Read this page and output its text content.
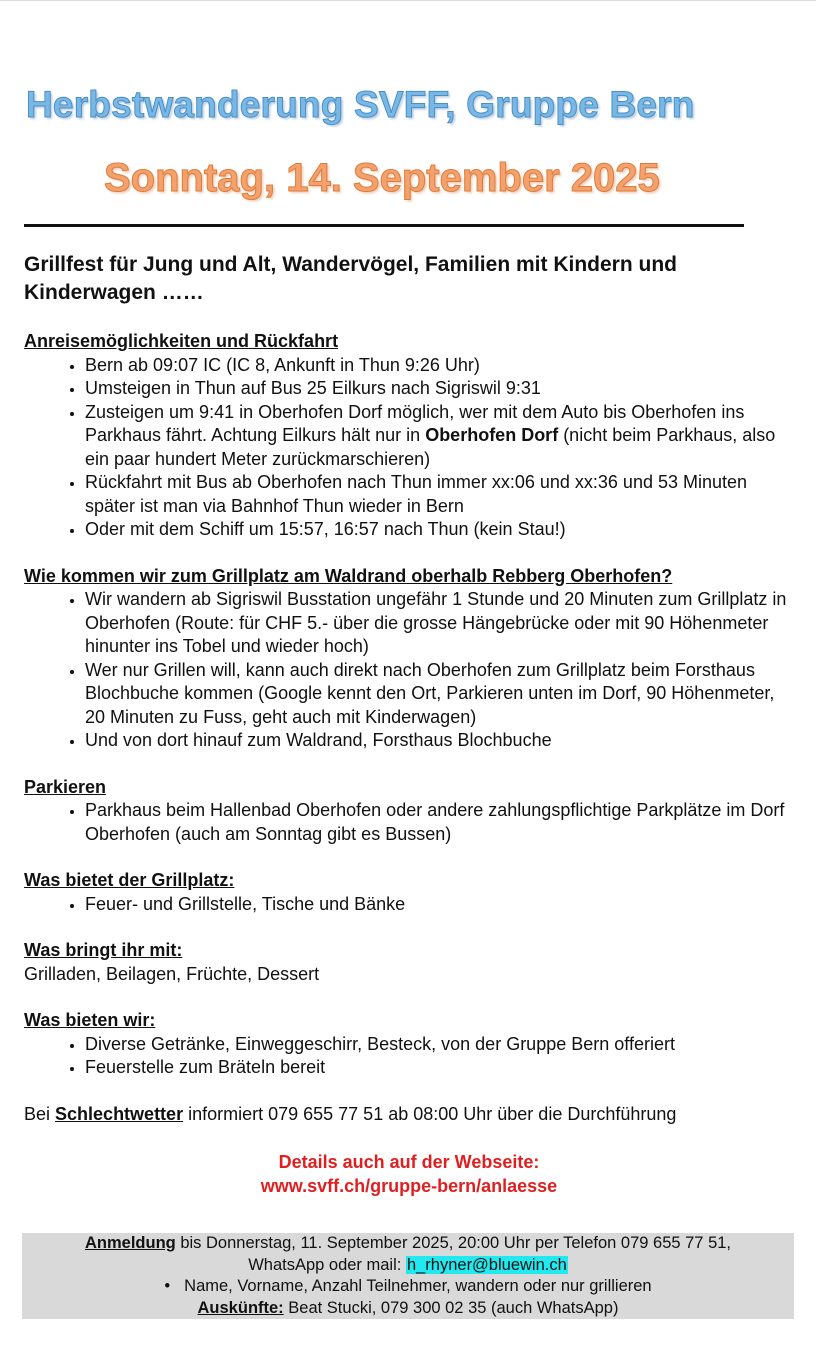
Herbstwanderung SVFF, Gruppe Bern
Sonntag, 14. September 2025

Grillfest für Jung und Alt, Wandervögel, Familien mit Kindern und Kinderwagen ……

Anreisemöglichkeiten und Rückfahrt

• Bern ab 09:07 IC (IC 8, Ankunft in Thun 9:26 Uhr)
• Umsteigen in Thun auf Bus 25 Eilkurs nach Sigriswil 9:31
• Zusteigen um 9:41 in Oberhofen Dorf möglich, wer mit dem Auto bis Oberhofen ins Parkhaus fährt. Achtung Eilkurs hält nur in Oberhofen Dorf (nicht beim Parkhaus, also ein paar hundert Meter zurückmarschieren)
• Rückfahrt mit Bus ab Oberhofen nach Thun immer xx:06 und xx:36 und 53 Minuten später ist man via Bahnhof Thun wieder in Bern
• Oder mit dem Schiff um 15:57, 16:57 nach Thun (kein Stau!)

Wie kommen wir zum Grillplatz am Waldrand oberhalb Rebberg Oberhofen?

• Wir wandern ab Sigriswil Busstation ungefähr 1 Stunde und 20 Minuten zum Grillplatz in Oberhofen (Route: für CHF 5.- über die grosse Hängebrücke oder mit 90 Höhenmeter hinunter ins Tobel und wieder hoch)
• Wer nur Grillen will, kann auch direkt nach Oberhofen zum Grillplatz beim Forsthaus Blochbuche kommen (Google kennt den Ort, Parkieren unten im Dorf, 90 Höhenmeter, 20 Minuten zu Fuss, geht auch mit Kinderwagen)
• Und von dort hinauf zum Waldrand, Forsthaus Blochbuche

Parkieren

• Parkhaus beim Hallenbad Oberhofen oder andere zahlungspflichtige Parkplätze im Dorf Oberhofen (auch am Sonntag gibt es Bussen)

Was bietet der Grillplatz:

• Feuer- und Grillstelle, Tische und Bänke

Was bringt ihr mit:

Grilladen, Beilagen, Früchte, Dessert

Was bieten wir:

• Diverse Getränke, Einweggeschirr, Besteck, von der Gruppe Bern offeriert
• Feuerstelle zum Bräteln bereit

Bei Schlechtwetter informiert 079 655 77 51 ab 08:00 Uhr über die Durchführung

Details auch auf der Webseite:
www.svff.ch/gruppe-bern/anlaesse
Anmeldung bis Donnerstag, 11. September 2025, 20:00 Uhr per Telefon 079 655 77 51,
WhatsApp oder mail: h_rhyner@bluewin.ch
• Name, Vorname, Anzahl Teilnehmer, wandern oder nur grillieren
Auskünfte: Beat Stucki, 079 300 02 35 (auch WhatsApp)
